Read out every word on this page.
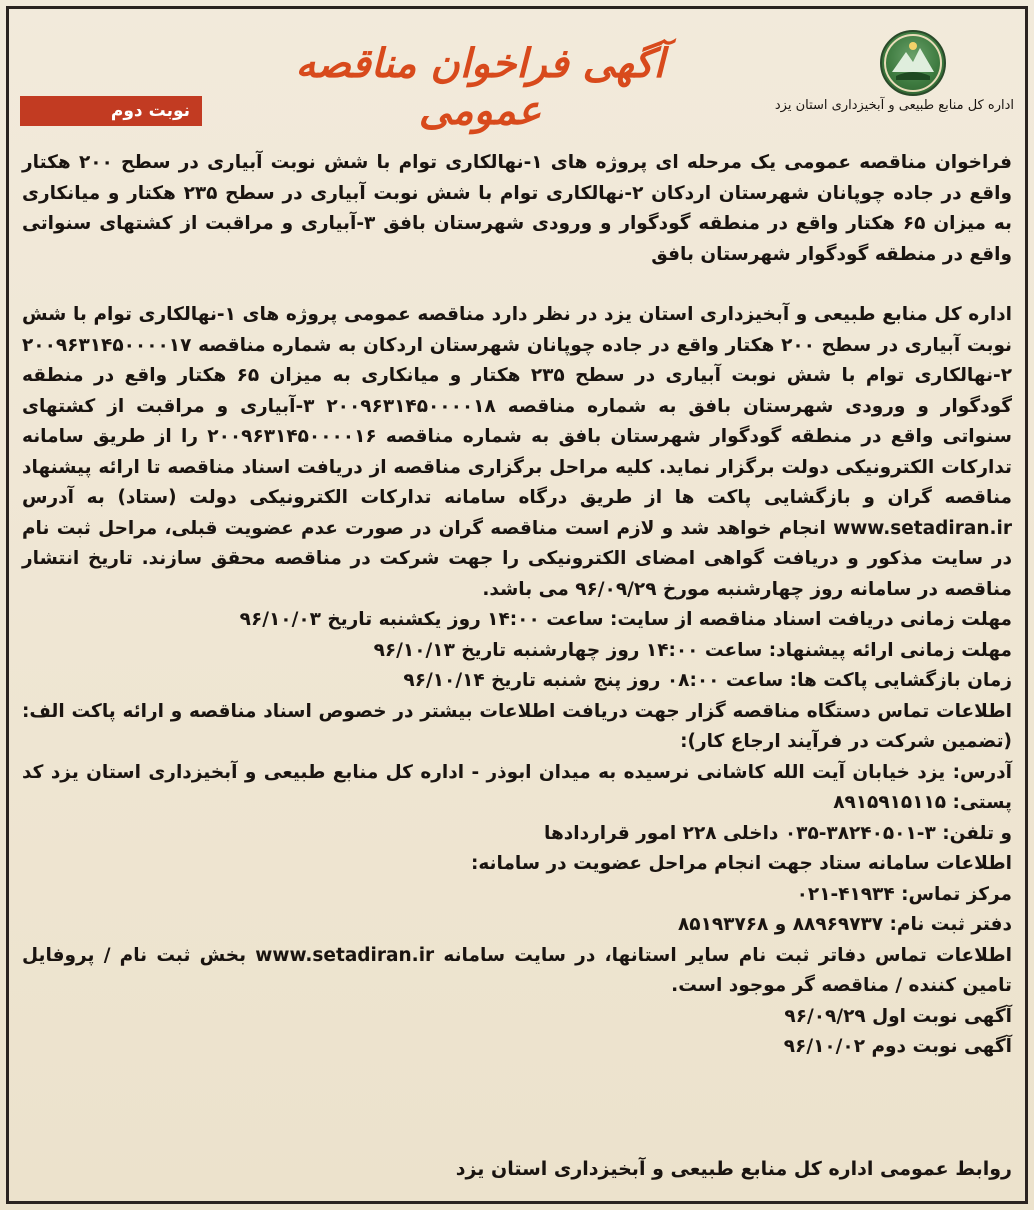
اداره کل منابع طبیعی و آبخیزداری استان یزد
آگهی فراخوان مناقصه عمومی
نوبت دوم

فراخوان مناقصه عمومی یک مرحله ای پروژه های ۱-نهالکاری توام با شش نوبت آبیاری در سطح ۲۰۰ هکتار واقع در جاده چوپانان شهرستان اردکان ۲-نهالکاری توام با شش نوبت آبیاری در سطح ۲۳۵ هکتار و میانکاری به میزان ۶۵ هکتار واقع در منطقه گودگوار و ورودی شهرستان بافق ۳-آبیاری و مراقبت از کشتهای سنواتی واقع در منطقه گودگوار شهرستان بافق

اداره کل منابع طبیعی و آبخیزداری استان یزد در نظر دارد مناقصه عمومی پروژه های ۱-نهالکاری توام با شش نوبت آبیاری در سطح ۲۰۰ هکتار واقع در جاده چوپانان شهرستان اردکان به شماره مناقصه ۲۰۰۹۶۳۱۴۵۰۰۰۰۱۷ ۲-نهالکاری توام با شش نوبت آبیاری در سطح ۲۳۵ هکتار و میانکاری به میزان ۶۵ هکتار واقع در منطقه گودگوار و ورودی شهرستان بافق به شماره مناقصه ۲۰۰۹۶۳۱۴۵۰۰۰۰۱۸ ۳-آبیاری و مراقبت از کشتهای سنواتی واقع در منطقه گودگوار شهرستان بافق به شماره مناقصه ۲۰۰۹۶۳۱۴۵۰۰۰۰۱۶ را از طریق سامانه تدارکات الکترونیکی دولت برگزار نماید. کلیه مراحل برگزاری مناقصه از دریافت اسناد مناقصه تا ارائه پیشنهاد مناقصه گران و بازگشایی پاکت ها از طریق درگاه سامانه تدارکات الکترونیکی دولت (ستاد) به آدرس www.setadiran.ir انجام خواهد شد و لازم است مناقصه گران در صورت عدم عضویت قبلی، مراحل ثبت نام در سایت مذکور و دریافت گواهی امضای الکترونیکی را جهت شرکت در مناقصه محقق سازند. تاریخ انتشار مناقصه در سامانه روز چهارشنبه مورخ ۹۶/۰۹/۲۹ می باشد.

مهلت زمانی دریافت اسناد مناقصه از سایت: ساعت ۱۴:۰۰ روز یکشنبه تاریخ ۹۶/۱۰/۰۳

مهلت زمانی ارائه پیشنهاد: ساعت ۱۴:۰۰ روز چهارشنبه تاریخ ۹۶/۱۰/۱۳

زمان بازگشایی پاکت ها: ساعت ۰۸:۰۰ روز پنج شنبه تاریخ ۹۶/۱۰/۱۴

اطلاعات تماس دستگاه مناقصه گزار جهت دریافت اطلاعات بیشتر در خصوص اسناد مناقصه و ارائه پاکت الف: (تضمین شرکت در فرآیند ارجاع کار):

آدرس: یزد خیابان آیت الله کاشانی نرسیده به میدان ابوذر - اداره کل منابع طبیعی و آبخیزداری استان یزد کد پستی: ۸۹۱۵۹۱۵۱۱۵

و تلفن: ۳-۳۸۲۴۰۵۰۱-۰۳۵ داخلی ۲۲۸ امور قراردادها

اطلاعات سامانه ستاد جهت انجام مراحل عضویت در سامانه:

مرکز تماس: ۴۱۹۳۴-۰۲۱

دفتر ثبت نام: ۸۸۹۶۹۷۳۷ و ۸۵۱۹۳۷۶۸

اطلاعات تماس دفاتر ثبت نام سایر استانها، در سایت سامانه www.setadiran.ir بخش ثبت نام / پروفایل تامین کننده / مناقصه گر موجود است.

آگهی نوبت اول ۹۶/۰۹/۲۹

آگهی نوبت دوم ۹۶/۱۰/۰۲

روابط عمومی اداره کل منابع طبیعی و آبخیزداری استان یزد
